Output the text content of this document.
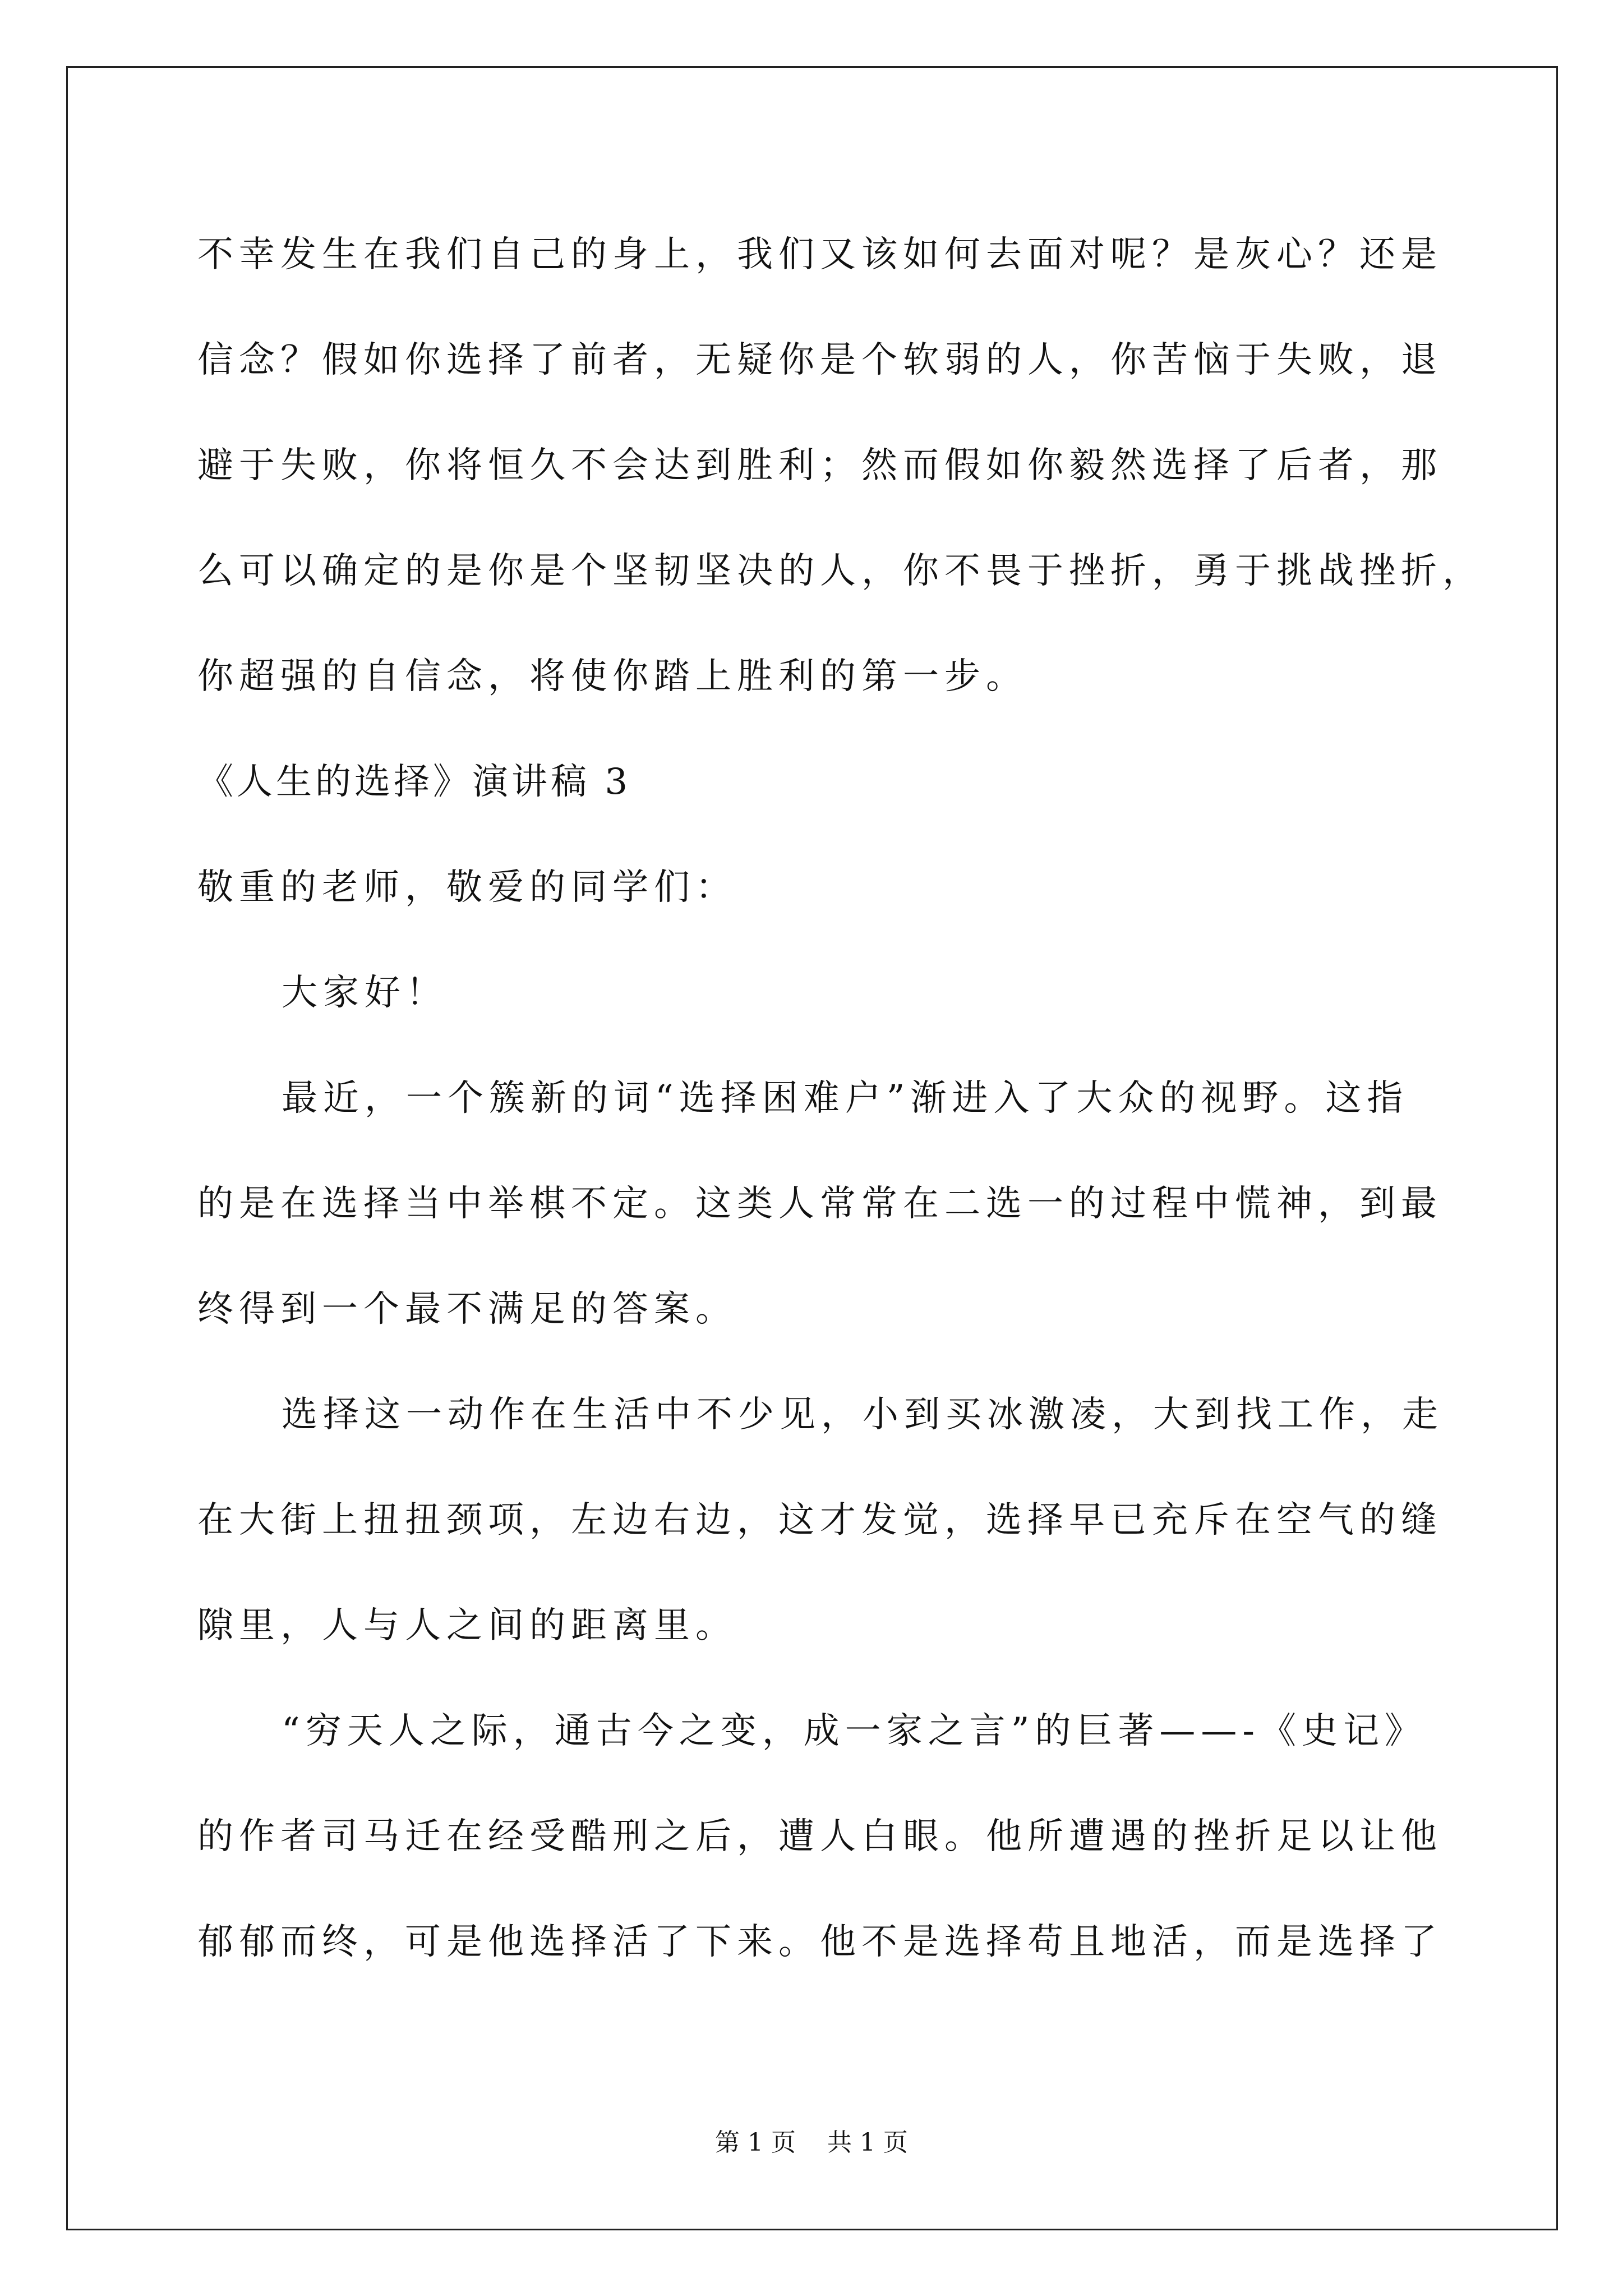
不幸发生在我们自己的身上，我们又该如何去面对呢？是灰心？还是
信念？假如你选择了前者，无疑你是个软弱的人，你苦恼于失败，退
避于失败，你将恒久不会达到胜利；然而假如你毅然选择了后者，那
么可以确定的是你是个坚韧坚决的人，你不畏于挫折，勇于挑战挫折，
你超强的自信念，将使你踏上胜利的第一步。
《人生的选择》演讲稿 3
敬重的老师，敬爱的同学们：
大家好！
最近，一个簇新的词“选择困难户”渐进入了大众的视野。这指
的是在选择当中举棋不定。这类人常常在二选一的过程中慌神，到最
终得到一个最不满足的答案。
选择这一动作在生活中不少见，小到买冰激凌，大到找工作，走
在大街上扭扭颈项，左边右边，这才发觉，选择早已充斥在空气的缝
隙里，人与人之间的距离里。
“穷天人之际，通古今之变，成一家之言”的巨著——-《史记》
的作者司马迁在经受酷刑之后，遭人白眼。他所遭遇的挫折足以让他
郁郁而终，可是他选择活了下来。他不是选择苟且地活，而是选择了
第 1 页    共 1 页
